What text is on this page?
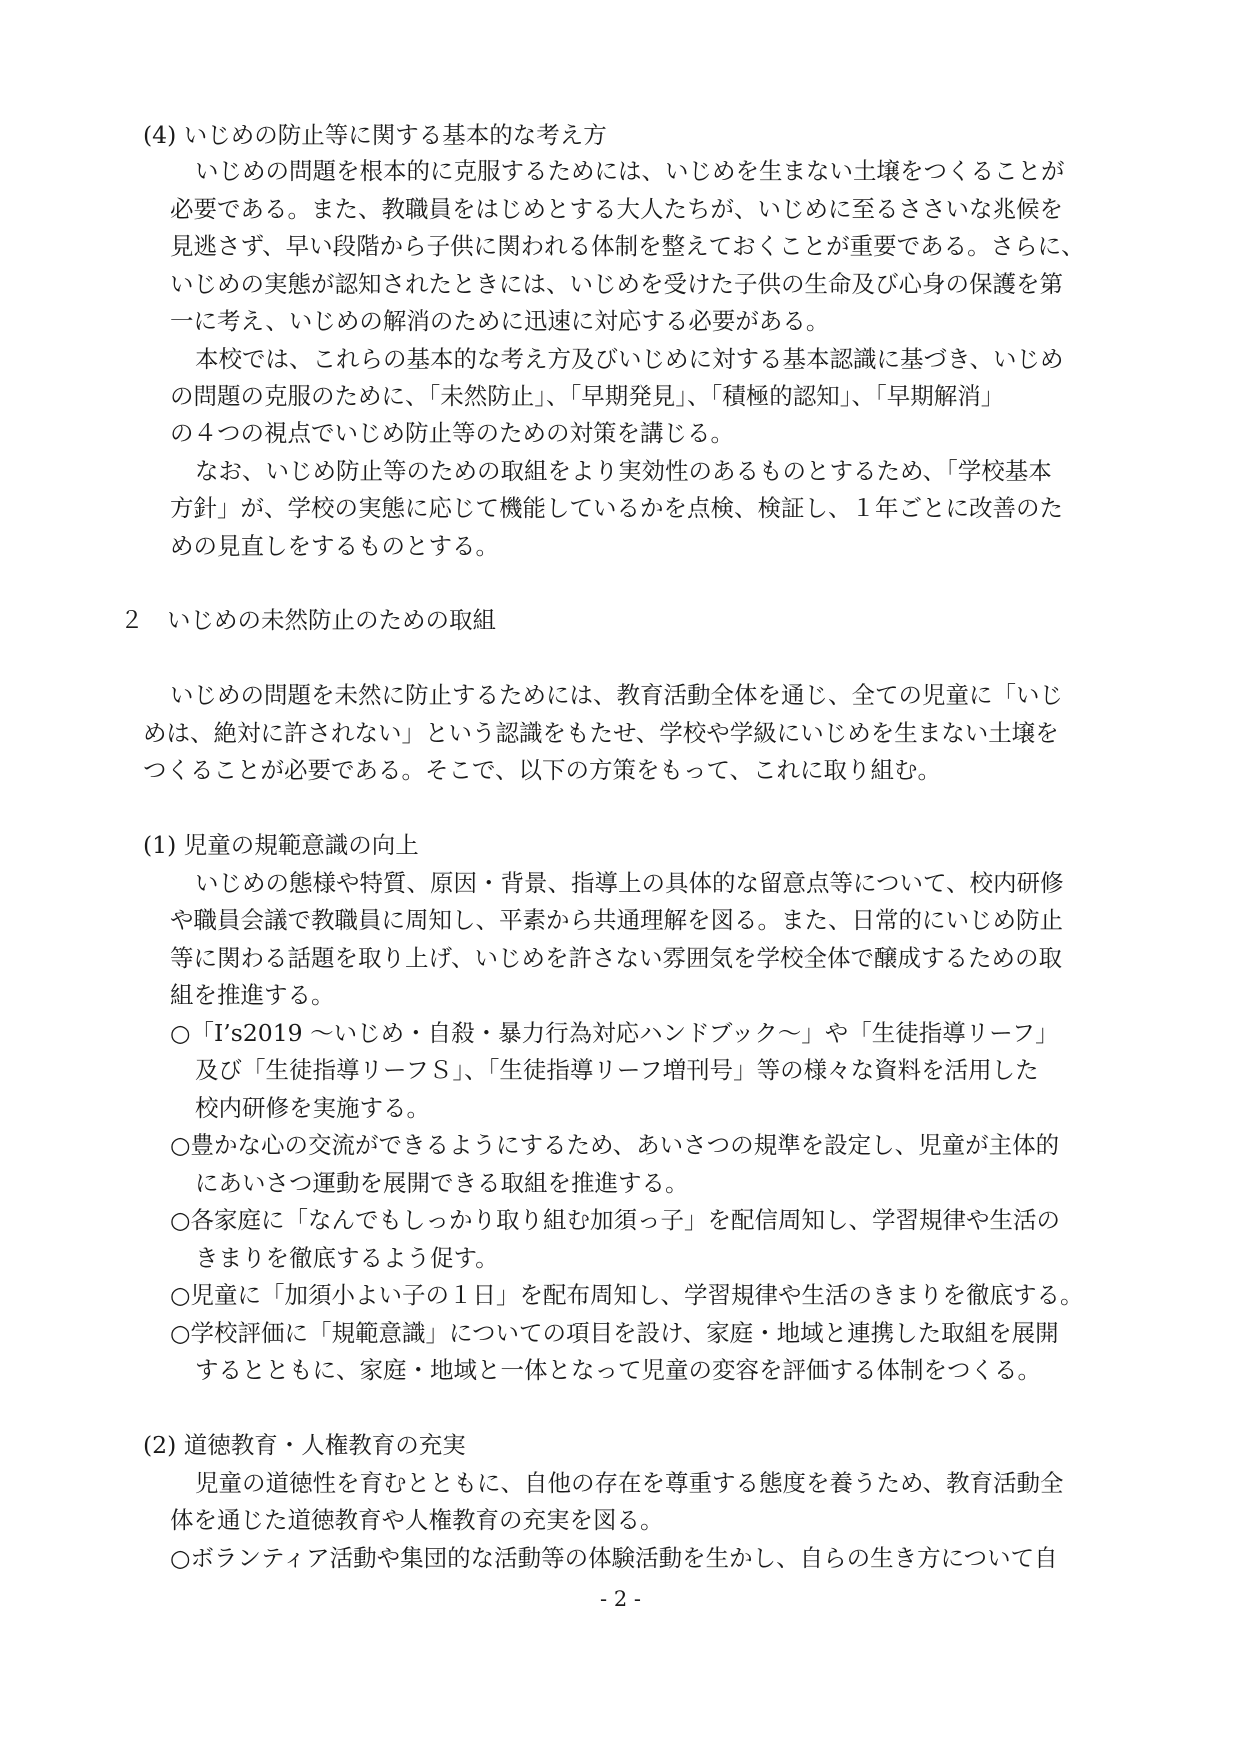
(4) いじめの防止等に関する基本的な考え方
いじめの問題を根本的に克服するためには、いじめを生まない土壌をつくることが
必要である。また、教職員をはじめとする大人たちが、いじめに至るささいな兆候を
見逃さず、早い段階から子供に関われる体制を整えておくことが重要である。さらに、
いじめの実態が認知されたときには、いじめを受けた子供の生命及び心身の保護を第
一に考え、いじめの解消のために迅速に対応する必要がある。
本校では、これらの基本的な考え方及びいじめに対する基本認識に基づき、いじめ
の問題の克服のために、「未然防止」、「早期発見」、「積極的認知」、「早期解消」
の４つの視点でいじめ防止等のための対策を講じる。
なお、いじめ防止等のための取組をより実効性のあるものとするため、「学校基本
方針」が、学校の実態に応じて機能しているかを点検、検証し、１年ごとに改善のた
めの見直しをするものとする。
２　いじめの未然防止のための取組
いじめの問題を未然に防止するためには、教育活動全体を通じ、全ての児童に「いじ
めは、絶対に許されない」という認識をもたせ、学校や学級にいじめを生まない土壌を
つくることが必要である。そこで、以下の方策をもって、これに取り組む。
(1) 児童の規範意識の向上
いじめの態様や特質、原因・背景、指導上の具体的な留意点等について、校内研修
や職員会議で教職員に周知し、平素から共通理解を図る。また、日常的にいじめ防止
等に関わる話題を取り上げ、いじめを許さない雰囲気を学校全体で醸成するための取
組を推進する。
○「I’s2019 〜いじめ・自殺・暴力行為対応ハンドブック〜」や「生徒指導リーフ」
及び「生徒指導リーフＳ」、「生徒指導リーフ増刊号」等の様々な資料を活用した
校内研修を実施する。
○豊かな心の交流ができるようにするため、あいさつの規準を設定し、児童が主体的
にあいさつ運動を展開できる取組を推進する。
○各家庭に「なんでもしっかり取り組む加須っ子」を配信周知し、学習規律や生活の
きまりを徹底するよう促す。
○児童に「加須小よい子の１日」を配布周知し、学習規律や生活のきまりを徹底する。
○学校評価に「規範意識」についての項目を設け、家庭・地域と連携した取組を展開
するとともに、家庭・地域と一体となって児童の変容を評価する体制をつくる。
(2) 道徳教育・人権教育の充実
児童の道徳性を育むとともに、自他の存在を尊重する態度を養うため、教育活動全
体を通じた道徳教育や人権教育の充実を図る。
○ボランティア活動や集団的な活動等の体験活動を生かし、自らの生き方について自
- 2 -
